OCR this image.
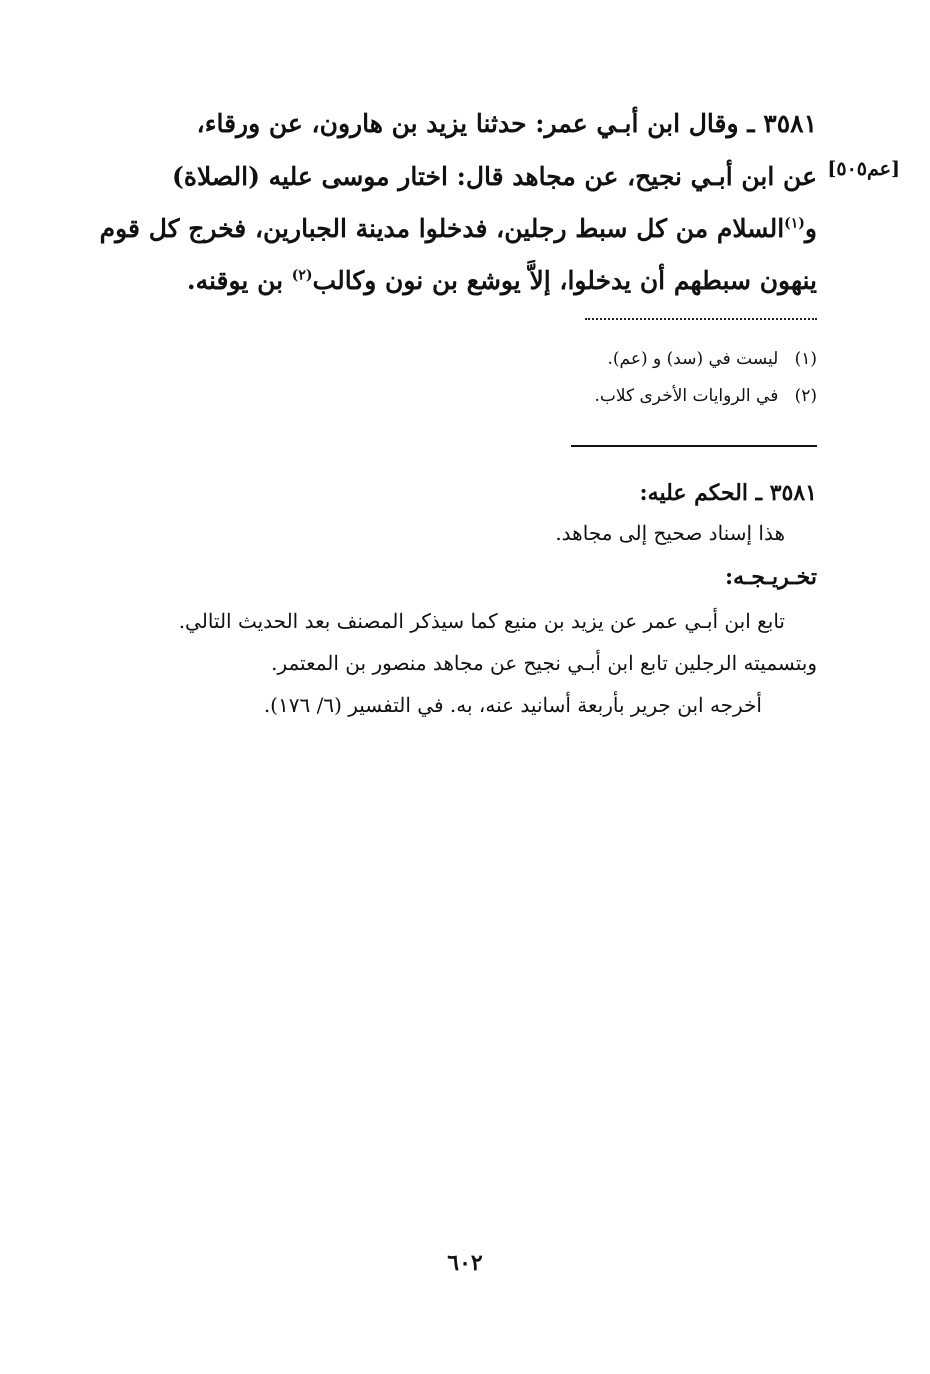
[عم٥٠٥]
٣٥٨١ ـ وقال ابن أبـي عمر: حدثنا يزيد بن هارون، عن ورقاء،
عن ابن أبـي نجيح، عن مجاهد قال: اختار موسى عليه (الصلاة)
و$^{(١)}$السلام من كل سبط رجلين، فدخلوا مدينة الجبارين، فخرج كل قوم
ينهون سبطهم أن يدخلوا، إلاَّ يوشع بن نون وكالب$^{(٢)}$ بن يوقنه.
(١)   ليست في (سد) و (عم).
(٢)   في الروايات الأخرى كلاب.
٣٥٨١ ـ الحكم عليه:
هذا إسناد صحيح إلى مجاهد.
تخـريـجـه:
تابع ابن أبـي عمر عن يزيد بن منيع كما سيذكر المصنف بعد الحديث التالي.
وبتسميته الرجلين تابع ابن أبـي نجيح عن مجاهد منصور بن المعتمر.
أخرجه ابن جرير بأربعة أسانيد عنه، به. في التفسير (٦/ ١٧٦).
٦٠٢
